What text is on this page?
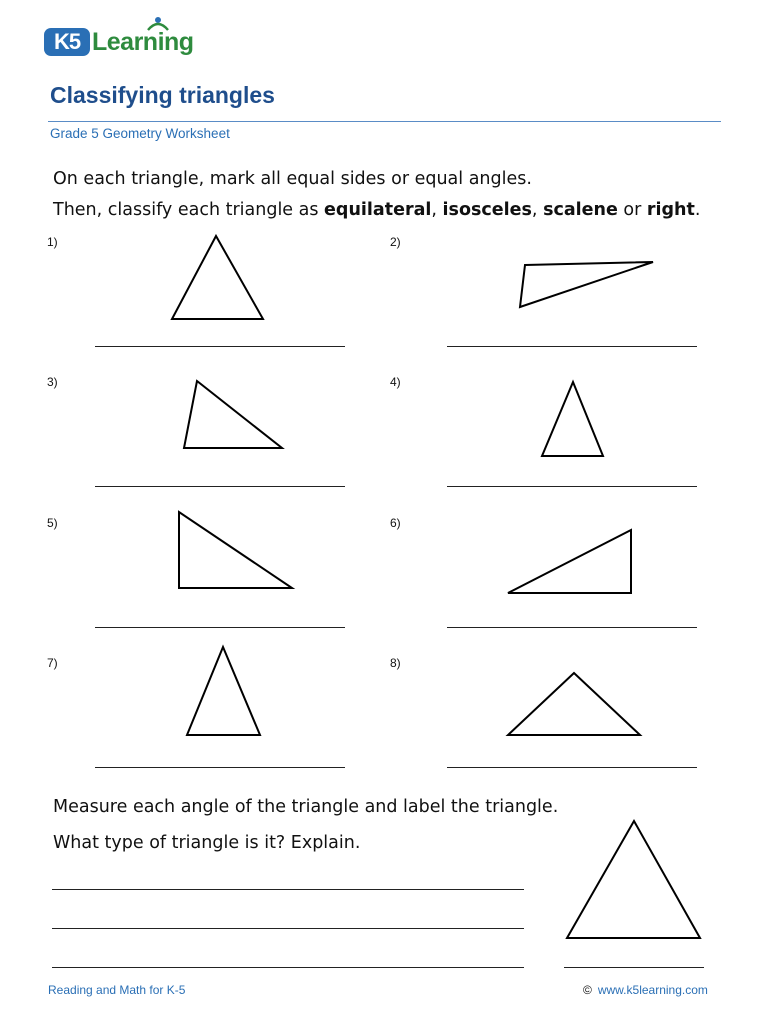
K5 Learning
Classifying triangles
Grade 5 Geometry Worksheet
On each triangle, mark all equal sides or equal angles.
Then, classify each triangle as equilateral, isosceles, scalene or right.
1)	2)
3)	4)
5)	6)
7)	8)
Measure each angle of the triangle and label the triangle.
What type of triangle is it? Explain.
Reading and Math for K-5	© www.k5learning.com
